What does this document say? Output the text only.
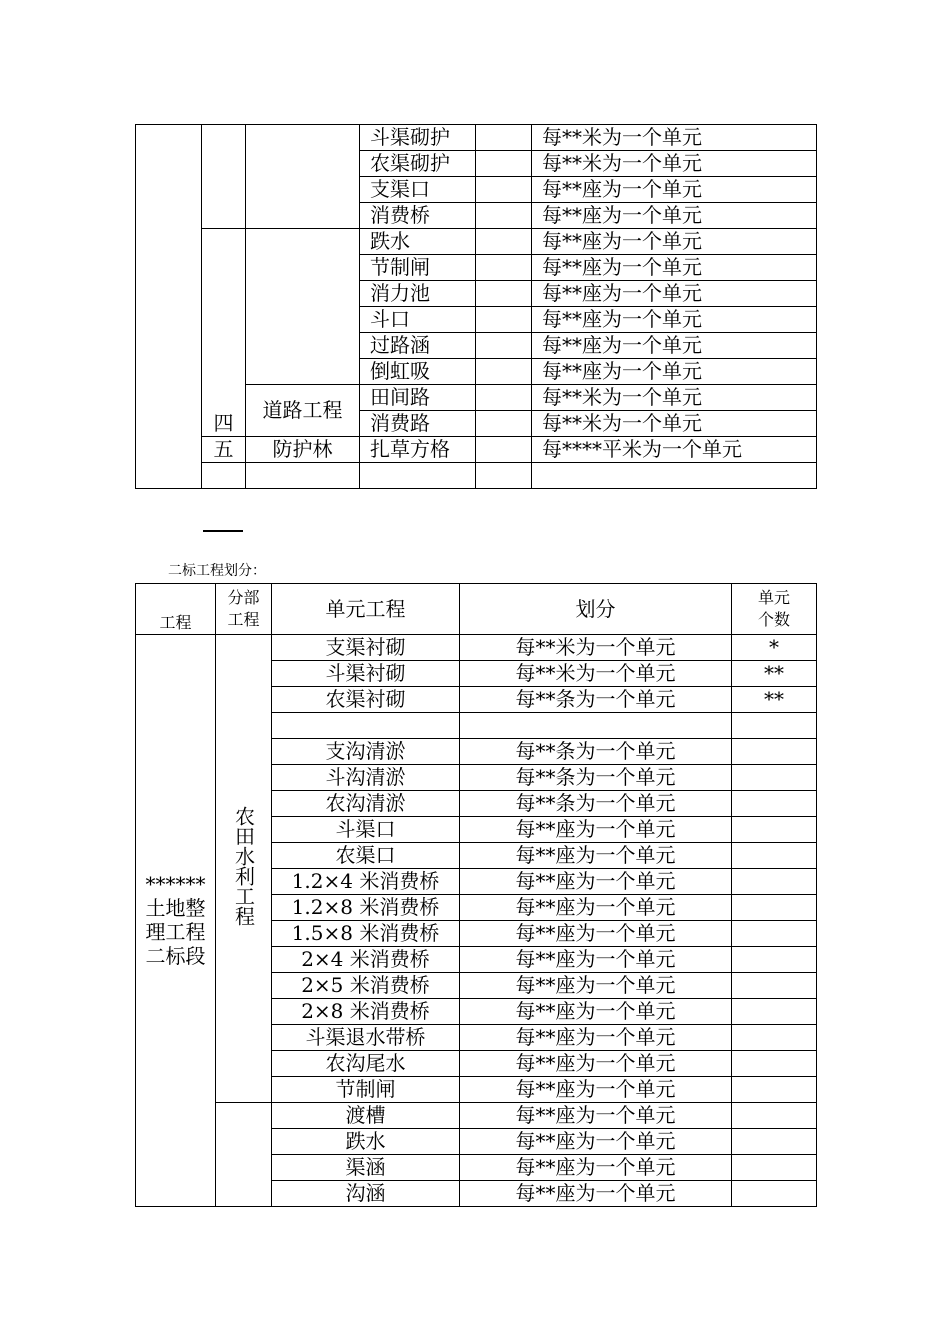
			斗渠砌护		每**米为一个单元
			农渠砌护		每**米为一个单元
			支渠口		每**座为一个单元
			消费桥		每**座为一个单元
	四		跌水		每**座为一个单元
			节制闸		每**座为一个单元
			消力池		每**座为一个单元
			斗口		每**座为一个单元
			过路涵		每**座为一个单元
			倒虹吸		每**座为一个单元
		道路工程	田间路		每**米为一个单元
			消费路		每**米为一个单元
	五	防护林	扎草方格		每****平米为一个单元

二标工程划分：
工程	分部工程	单元工程	划分	单元个数
******土地整理工程二标段	农田水利工程	支渠衬砌	每**米为一个单元	*
		斗渠衬砌	每**米为一个单元	**
		农渠衬砌	每**条为一个单元	**

		支沟清淤	每**条为一个单元	
		斗沟清淤	每**条为一个单元	
		农沟清淤	每**条为一个单元	
		斗渠口	每**座为一个单元	
		农渠口	每**座为一个单元	
		1.2×4 米消费桥	每**座为一个单元	
		1.2×8 米消费桥	每**座为一个单元	
		1.5×8 米消费桥	每**座为一个单元	
		2×4 米消费桥	每**座为一个单元	
		2×5 米消费桥	每**座为一个单元	
		2×8 米消费桥	每**座为一个单元	
		斗渠退水带桥	每**座为一个单元	
		农沟尾水	每**座为一个单元	
		节制闸	每**座为一个单元	
		渡槽	每**座为一个单元	
		跌水	每**座为一个单元	
		渠涵	每**座为一个单元	
		沟涵	每**座为一个单元	
